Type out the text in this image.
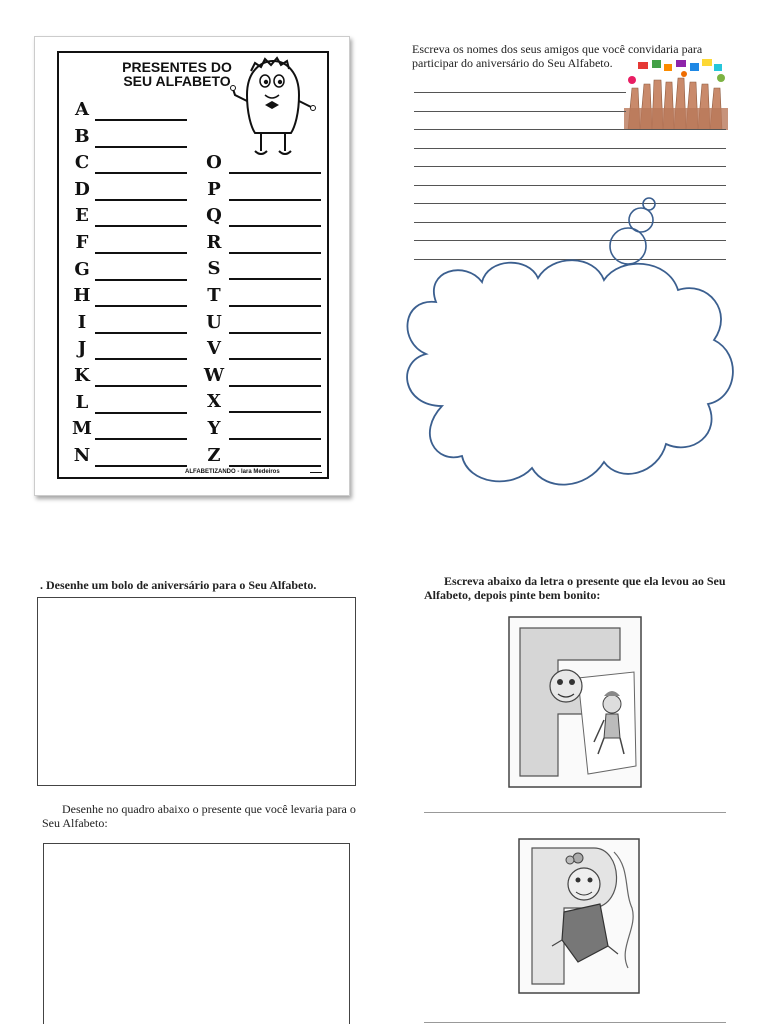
PRESENTES DO
SEU ALFABETO
A
B
C
D
E
F
G
H
I
J
K
L
M
N
O
P
Q
R
S
T
U
V
W
X
Y
Z
ALFABETIZANDO - Iara Medeiros
Escreva os nomes dos seus amigos que você convidaria para participar do aniversário do Seu Alfabeto.
. Desenhe um bolo de aniversário para o Seu Alfabeto.
Desenhe no quadro abaixo o presente que você levaria para o Seu Alfabeto:
Escreva abaixo da letra o presente que ela levou ao Seu Alfabeto, depois pinte bem bonito:
